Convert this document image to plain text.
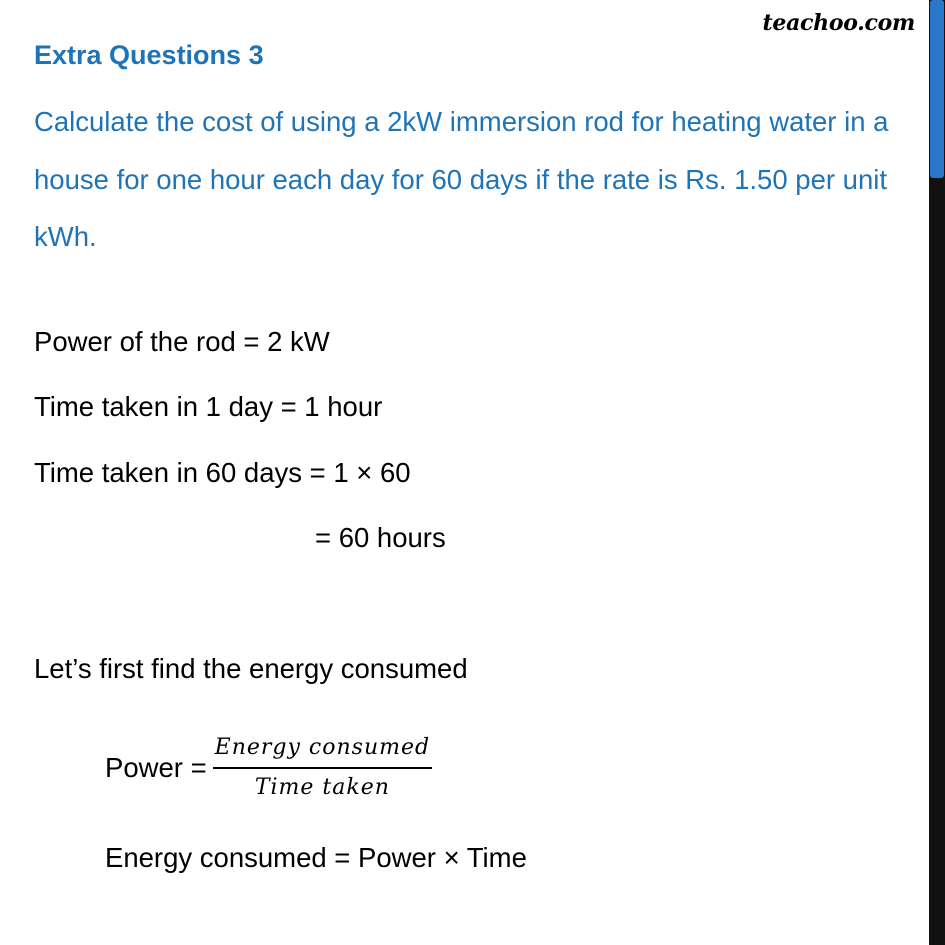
teachoo.com
Extra Questions 3
Calculate the cost of using a 2kW immersion rod for heating water in a house for one hour each day for 60 days if the rate is Rs. 1.50 per unit kWh.
Power of the rod = 2 kW
Time taken in 1 day = 1 hour
Time taken in 60 days = 1 × 60
= 60 hours
Let’s first find the energy consumed
Power = $\frac{\text{Energy consumed}}{\text{Time taken}}$
Energy consumed = Power × Time
